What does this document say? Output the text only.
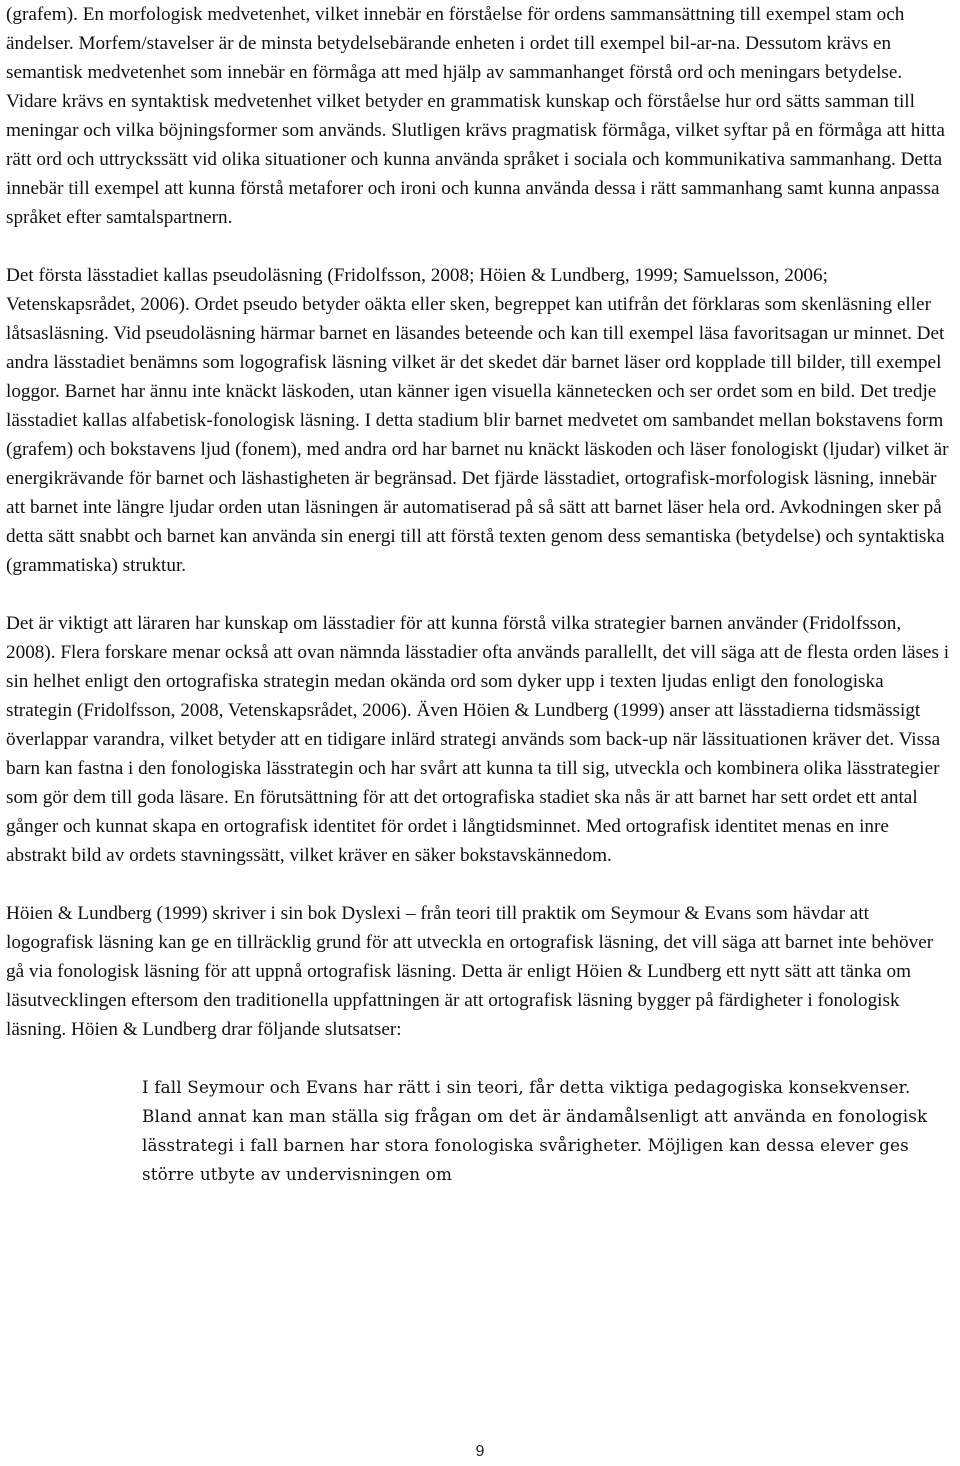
(grafem). En morfologisk medvetenhet, vilket innebär en förståelse för ordens sammansättning till exempel stam och ändelser. Morfem/stavelser är de minsta betydelsebärande enheten i ordet till exempel bil-ar-na. Dessutom krävs en semantisk medvetenhet som innebär en förmåga att med hjälp av sammanhanget förstå ord och meningars betydelse. Vidare krävs en syntaktisk medvetenhet vilket betyder en grammatisk kunskap och förståelse hur ord sätts samman till meningar och vilka böjningsformer som används. Slutligen krävs pragmatisk förmåga, vilket syftar på en förmåga att hitta rätt ord och uttryckssätt vid olika situationer och kunna använda språket i sociala och kommunikativa sammanhang. Detta innebär till exempel att kunna förstå metaforer och ironi och kunna använda dessa i rätt sammanhang samt kunna anpassa språket efter samtalspartnern.

Det första lässtadiet kallas pseudoläsning (Fridolfsson, 2008; Höien & Lundberg, 1999; Samuelsson, 2006; Vetenskapsrådet, 2006). Ordet pseudo betyder oäkta eller sken, begreppet kan utifrån det förklaras som skenläsning eller låtsasläsning. Vid pseudoläsning härmar barnet en läsandes beteende och kan till exempel läsa favoritsagan ur minnet. Det andra lässtadiet benämns som logografisk läsning vilket är det skedet där barnet läser ord kopplade till bilder, till exempel loggor. Barnet har ännu inte knäckt läskoden, utan känner igen visuella kännetecken och ser ordet som en bild. Det tredje lässtadiet kallas alfabetisk-fonologisk läsning. I detta stadium blir barnet medvetet om sambandet mellan bokstavens form (grafem) och bokstavens ljud (fonem), med andra ord har barnet nu knäckt läskoden och läser fonologiskt (ljudar) vilket är energikrävande för barnet och läshastigheten är begränsad. Det fjärde lässtadiet, ortografisk-morfologisk läsning, innebär att barnet inte längre ljudar orden utan läsningen är automatiserad på så sätt att barnet läser hela ord. Avkodningen sker på detta sätt snabbt och barnet kan använda sin energi till att förstå texten genom dess semantiska (betydelse) och syntaktiska (grammatiska) struktur.

Det är viktigt att läraren har kunskap om lässtadier för att kunna förstå vilka strategier barnen använder (Fridolfsson, 2008). Flera forskare menar också att ovan nämnda lässtadier ofta används parallellt, det vill säga att de flesta orden läses i sin helhet enligt den ortografiska strategin medan okända ord som dyker upp i texten ljudas enligt den fonologiska strategin (Fridolfsson, 2008, Vetenskapsrådet, 2006). Även Höien & Lundberg (1999) anser att lässtadierna tidsmässigt överlappar varandra, vilket betyder att en tidigare inlärd strategi används som back-up när lässituationen kräver det. Vissa barn kan fastna i den fonologiska lässtrategin och har svårt att kunna ta till sig, utveckla och kombinera olika lässtrategier som gör dem till goda läsare. En förutsättning för att det ortografiska stadiet ska nås är att barnet har sett ordet ett antal gånger och kunnat skapa en ortografisk identitet för ordet i långtidsminnet. Med ortografisk identitet menas en inre abstrakt bild av ordets stavningssätt, vilket kräver en säker bokstavskännedom.

Höien & Lundberg (1999) skriver i sin bok Dyslexi – från teori till praktik om Seymour & Evans som hävdar att logografisk läsning kan ge en tillräcklig grund för att utveckla en ortografisk läsning, det vill säga att barnet inte behöver gå via fonologisk läsning för att uppnå ortografisk läsning. Detta är enligt Höien & Lundberg ett nytt sätt att tänka om läsutvecklingen eftersom den traditionella uppfattningen är att ortografisk läsning bygger på färdigheter i fonologisk läsning. Höien & Lundberg drar följande slutsatser:

I fall Seymour och Evans har rätt i sin teori, får detta viktiga pedagogiska konsekvenser. Bland annat kan man ställa sig frågan om det är ändamålsenligt att använda en fonologisk lässtrategi i fall barnen har stora fonologiska svårigheter. Möjligen kan dessa elever ges större utbyte av undervisningen om

9
